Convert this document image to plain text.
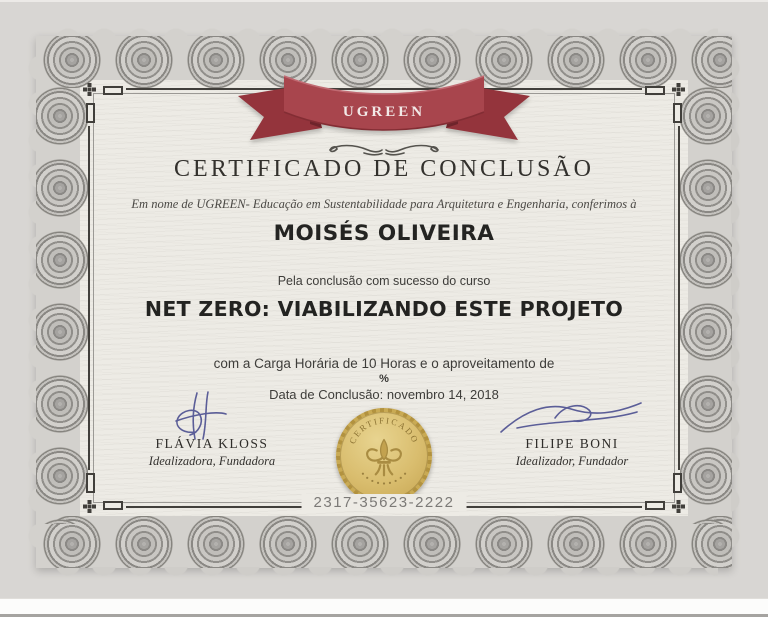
UGREEN
CERTIFICADO DE CONCLUSÃO
Em nome de UGREEN- Educação em Sustentabilidade para Arquitetura e Engenharia, conferimos à
MOISÉS OLIVEIRA
Pela conclusão com sucesso do curso
NET ZERO: VIABILIZANDO ESTE PROJETO
com a Carga Horária de 10 Horas e o aproveitamento de
%
Data de Conclusão: novembro 14, 2018
FLÁVIA KLOSS
Idealizadora, Fundadora
FILIPE BONI
Idealizador, Fundador
CERTIFICADO
2317-35623-2222
